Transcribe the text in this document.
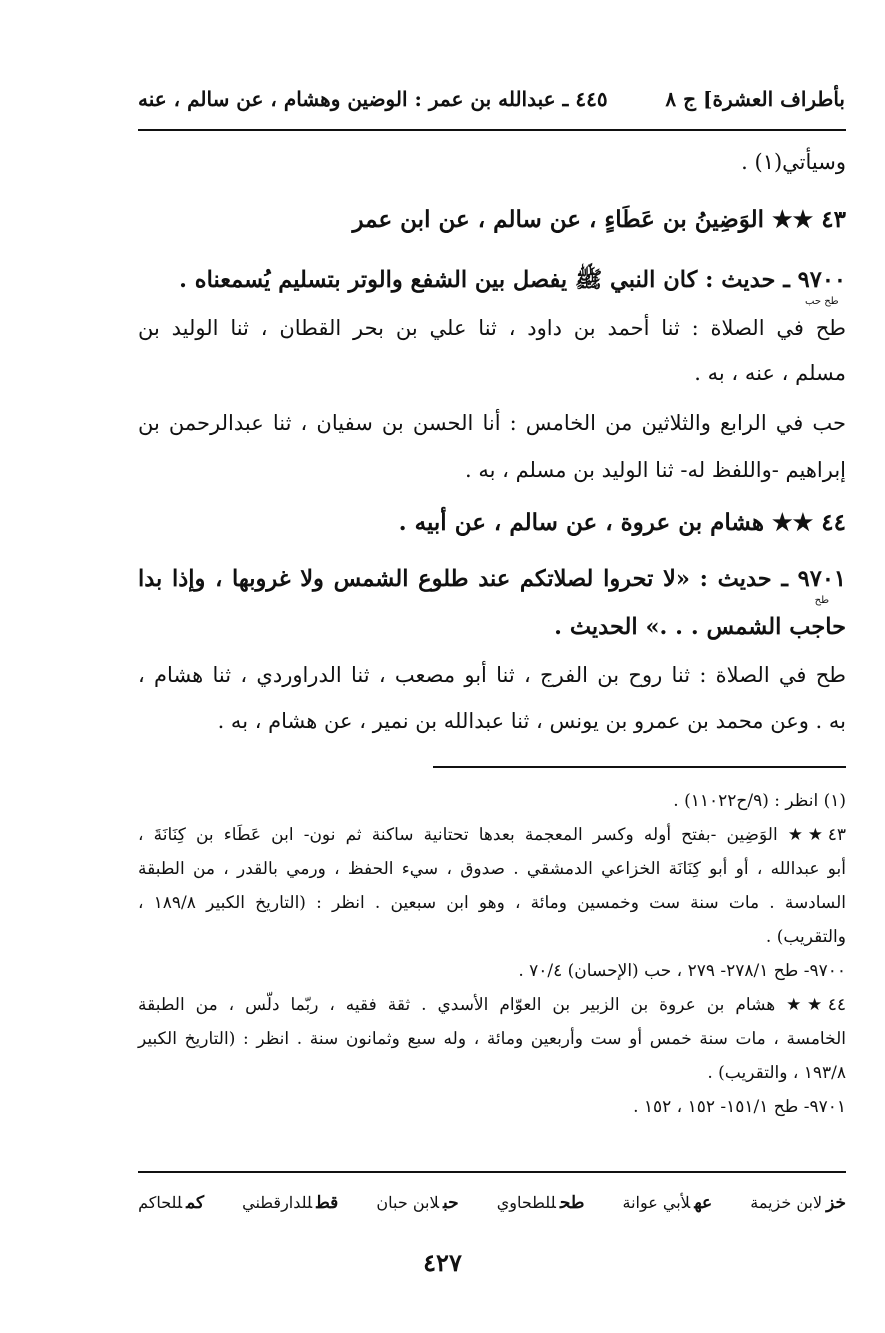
بأطراف العشرة] ج ٨
٤٤٥ ـ عبدالله بن عمر : الوضين وهشام ، عن سالم ، عنه
وسيأتي(١) .
٤٣ ★★ الوَضِينُ بن عَطَاءٍ ، عن سالم ، عن ابن عمر
٩٧٠٠
طح حب
ـ حديث : كان النبي ﷺ يفصل بين الشفع والوتر بتسليم يُسمعناه .
طح في الصلاة : ثنا أحمد بن داود ، ثنا علي بن بحر القطان ، ثنا الوليد بن
مسلم ، عنه ، به .
حب في الرابع والثلاثين من الخامس : أنا الحسن بن سفيان ، ثنا عبدالرحمن بن
إبراهيم -واللفظ له- ثنا الوليد بن مسلم ، به .
٤٤ ★★ هشام بن عروة ، عن سالم ، عن أبيه .
٩٧٠١
طح
ـ حديث : «لا تحروا لصلاتكم عند طلوع الشمس ولا غروبها ، وإذا بدا
حاجب الشمس . . .» الحديث .
طح في الصلاة : ثنا روح بن الفرج ، ثنا أبو مصعب ، ثنا الدراوردي ، ثنا هشام ،
به . وعن محمد بن عمرو بن يونس ، ثنا عبدالله بن نمير ، عن هشام ، به .
(١) انظر : (٩/ح١١٠٢٢) .
٤٣★★ الوَضِين -بفتح أوله وكسر المعجمة بعدها تحتانية ساكنة ثم نون- ابن عَطَاء بن كِنَانَةَ ،
أبو عبدالله ، أو أبو كِنَانَة الخزاعي الدمشقي . صدوق ، سيء الحفظ ، ورمي بالقدر ، من الطبقة
السادسة . مات سنة ست وخمسين ومائة ، وهو ابن سبعين . انظر : (التاريخ الكبير ١٨٩/٨ ،
والتقريب) .
٩٧٠٠- طح ٢٧٨/١- ٢٧٩ ، حب (الإحسان) ٧٠/٤ .
٤٤★★ هشام بن عروة بن الزبير بن العوّام الأسدي . ثقة فقيه ، ربّما دلّس ، من الطبقة
الخامسة ، مات سنة خمس أو ست وأربعين ومائة ، وله سبع وثمانون سنة . انظر : (التاريخ الكبير
١٩٣/٨ ، والتقريب) .
٩٧٠١- طح ١٥١/١- ١٥٢ ، ١٥٢ .
خزلابن خزيمة
عهلأبي عوانة
طحللطحاوي
حبلابن حبان
قطللدارقطني
كمللحاكم
٤٢٧
